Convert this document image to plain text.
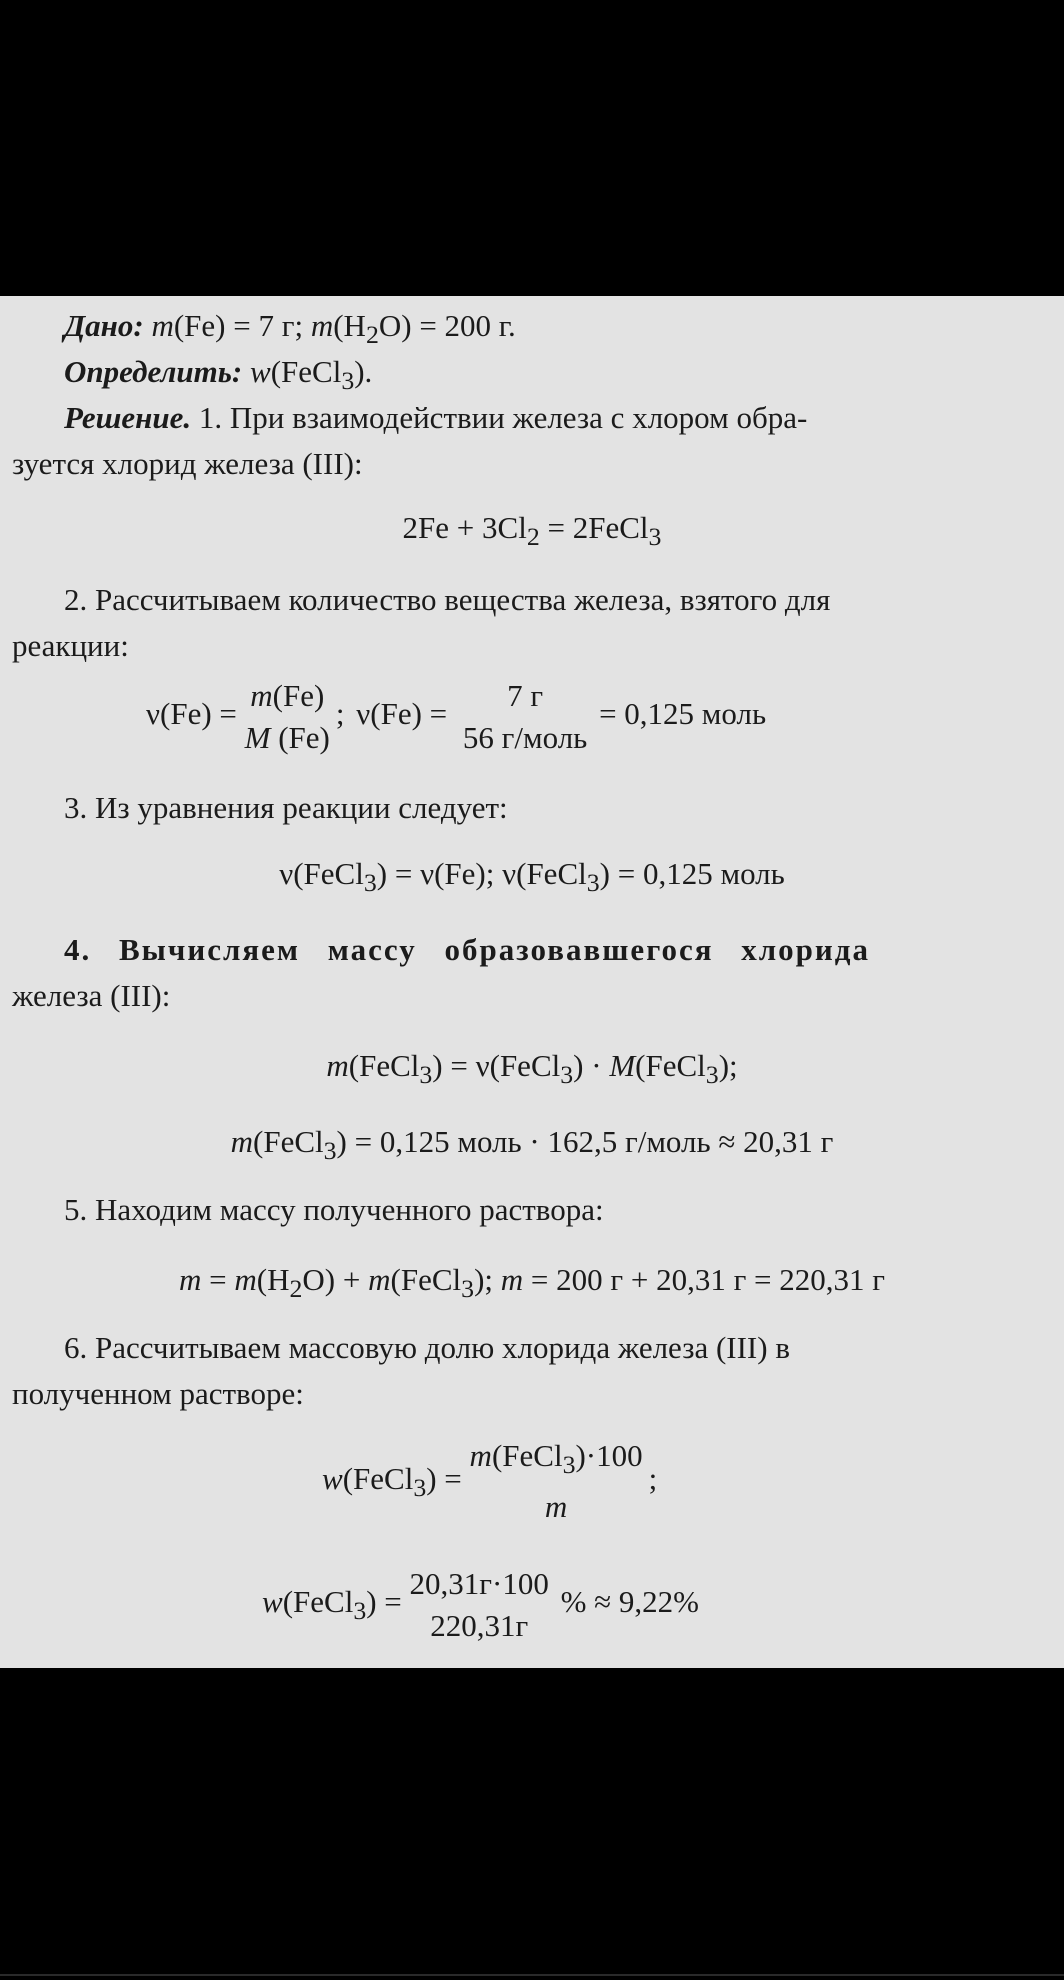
Дано: m(Fe) = 7 г; $m(H_2O) = 200$ г.
Определить: w(FeCl$_3$).
Решение. 1. При взаимодействии железа с хлором обра-
зуется хлорид железа (III):
$2Fe + 3Cl_2$ = 2FeCl$_3$
2. Рассчитываем количество вещества железа, взятого для
реакции:
ν(Fe) =
m(Fe)
M (Fe)
; ν(Fe) =
7 г
56 г/моль
= 0,125 моль
3. Из уравнения реакции следует:
ν(FeCl$_3$) = ν(Fe); ν(FeCl$_3$) = 0,125 моль
4. Вычисляем массу образовавшегося хлорида
железа (III):
m(FeCl$_3$) = ν(FeCl$_3$) · M(FeCl$_3$);
m(FeCl$_3$) = 0,125 моль · 162,5 г/моль ≈ 20,31 г
5. Находим массу полученного раствора:
$m = m(H_2O)$ + m(FeCl$_3$); m = 200 г + 20,31 г = 220,31 г
6. Рассчитываем массовую долю хлорида железа (III) в
полученном растворе:
w(FeCl$_3$) =
m(FeCl$_3$)·100
m
;
w(FeCl$_3$) =
20,31г·100
220,31г
% ≈ 9,22%
